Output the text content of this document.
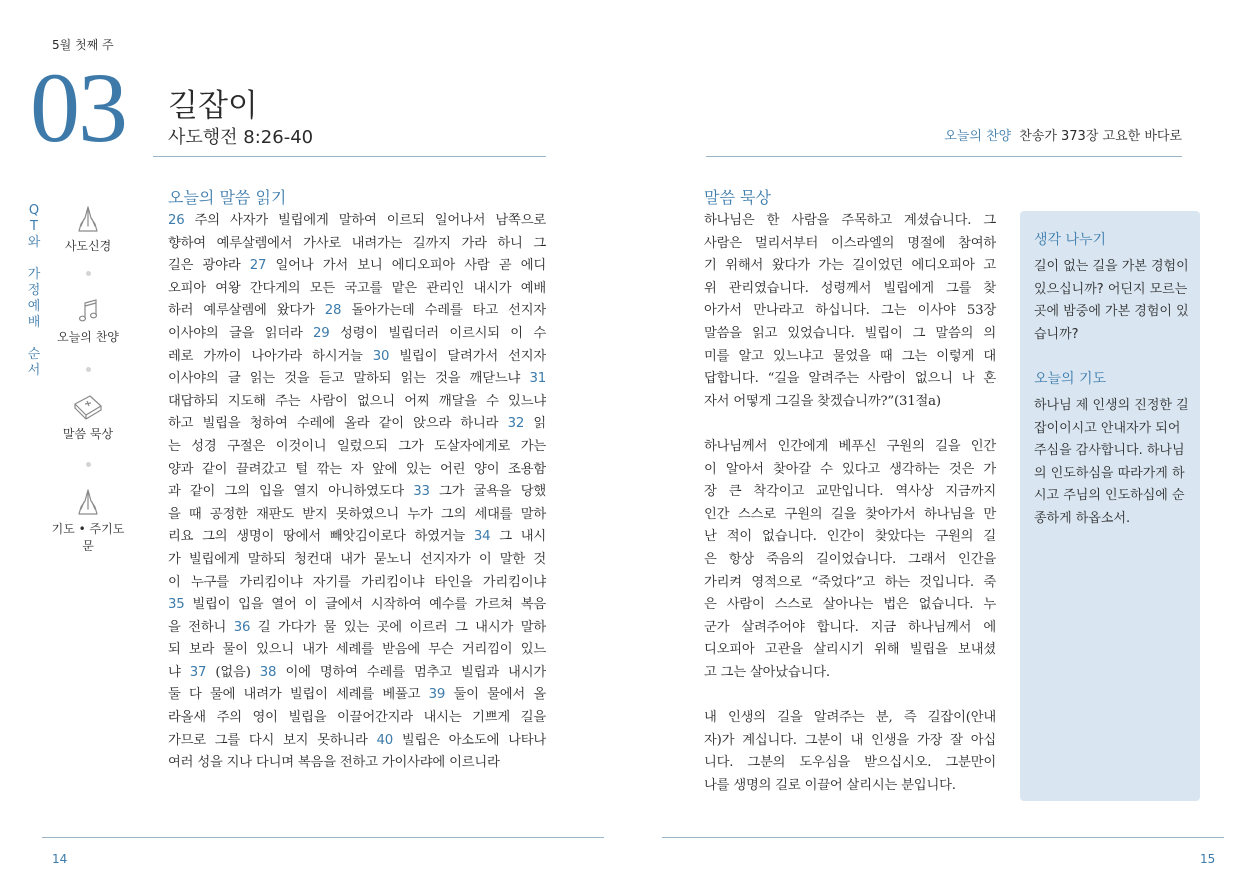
5월 첫째 주
03 길잡이
사도행전 8:26-40	오늘의 찬양 찬송가 373장 고요한 바다로
Q
T
와
가
정
예
배
순
서
사도신경
오늘의 찬양
말씀 묵상
기도 • 주기도문
오늘의 말씀 읽기
26 주의 사자가 빌립에게 말하여 이르되 일어나서 남쪽으로
향하여 예루살렘에서 가사로 내려가는 길까지 가라 하니 그
길은 광야라 27 일어나 가서 보니 에디오피아 사람 곧 에디
오피아 여왕 간다게의 모든 국고를 맡은 관리인 내시가 예배
하러 예루살렘에 왔다가 28 돌아가는데 수레를 타고 선지자
이사야의 글을 읽더라 29 성령이 빌립더러 이르시되 이 수
레로 가까이 나아가라 하시거늘 30 빌립이 달려가서 선지자
이사야의 글 읽는 것을 듣고 말하되 읽는 것을 깨닫느냐 31
대답하되 지도해 주는 사람이 없으니 어찌 깨달을 수 있느냐
하고 빌립을 청하여 수레에 올라 같이 앉으라 하니라 32 읽
는 성경 구절은 이것이니 일렀으되 그가 도살자에게로 가는
양과 같이 끌려갔고 털 깎는 자 앞에 있는 어린 양이 조용함
과 같이 그의 입을 열지 아니하였도다 33 그가 굴욕을 당했
을 때 공정한 재판도 받지 못하였으니 누가 그의 세대를 말하
리요 그의 생명이 땅에서 빼앗김이로다 하였거늘 34 그 내시
가 빌립에게 말하되 청컨대 내가 묻노니 선지자가 이 말한 것
이 누구를 가리킴이냐 자기를 가리킴이냐 타인을 가리킴이냐
35 빌립이 입을 열어 이 글에서 시작하여 예수를 가르쳐 복음
을 전하니 36 길 가다가 물 있는 곳에 이르러 그 내시가 말하
되 보라 물이 있으니 내가 세례를 받음에 무슨 거리낌이 있느
냐 37 (없음) 38 이에 명하여 수레를 멈추고 빌립과 내시가
둘 다 물에 내려가 빌립이 세례를 베풀고 39 둘이 물에서 올
라올새 주의 영이 빌립을 이끌어간지라 내시는 기쁘게 길을
가므로 그를 다시 보지 못하니라 40 빌립은 아소도에 나타나
여러 성을 지나 다니며 복음을 전하고 가이사랴에 이르니라
말씀 묵상
하나님은 한 사람을 주목하고 계셨습니다. 그
사람은 멀리서부터 이스라엘의 명절에 참여하
기 위해서 왔다가 가는 길이었던 에디오피아 고
위 관리였습니다. 성령께서 빌립에게 그를 찾
아가서 만나라고 하십니다. 그는 이사야 53장
말씀을 읽고 있었습니다. 빌립이 그 말씀의 의
미를 알고 있느냐고 물었을 때 그는 이렇게 대
답합니다. “길을 알려주는 사람이 없으니 나 혼
자서 어떻게 그길을 찾겠습니까?”(31절a)
하나님께서 인간에게 베푸신 구원의 길을 인간
이 알아서 찾아갈 수 있다고 생각하는 것은 가
장 큰 착각이고 교만입니다. 역사상 지금까지
인간 스스로 구원의 길을 찾아가서 하나님을 만
난 적이 없습니다. 인간이 찾았다는 구원의 길
은 항상 죽음의 길이었습니다. 그래서 인간을
가리켜 영적으로 “죽었다”고 하는 것입니다. 죽
은 사람이 스스로 살아나는 법은 없습니다. 누
군가 살려주어야 합니다. 지금 하나님께서 에
디오피아 고관을 살리시기 위해 빌립을 보내셨
고 그는 살아났습니다.
내 인생의 길을 알려주는 분, 즉 길잡이(안내
자)가 계십니다. 그분이 내 인생을 가장 잘 아십
니다. 그분의 도우심을 받으십시오. 그분만이
나를 생명의 길로 이끌어 살리시는 분입니다.
생각 나누기
길이 없는 길을 가본 경험이 있으십니까? 어딘지 모르는 곳에 밤중에 가본 경험이 있습니까?
오늘의 기도
하나님 제 인생의 진정한 길잡이이시고 안내자가 되어 주심을 감사합니다. 하나님의 인도하심을 따라가게 하시고 주님의 인도하심에 순종하게 하옵소서.
14	15
